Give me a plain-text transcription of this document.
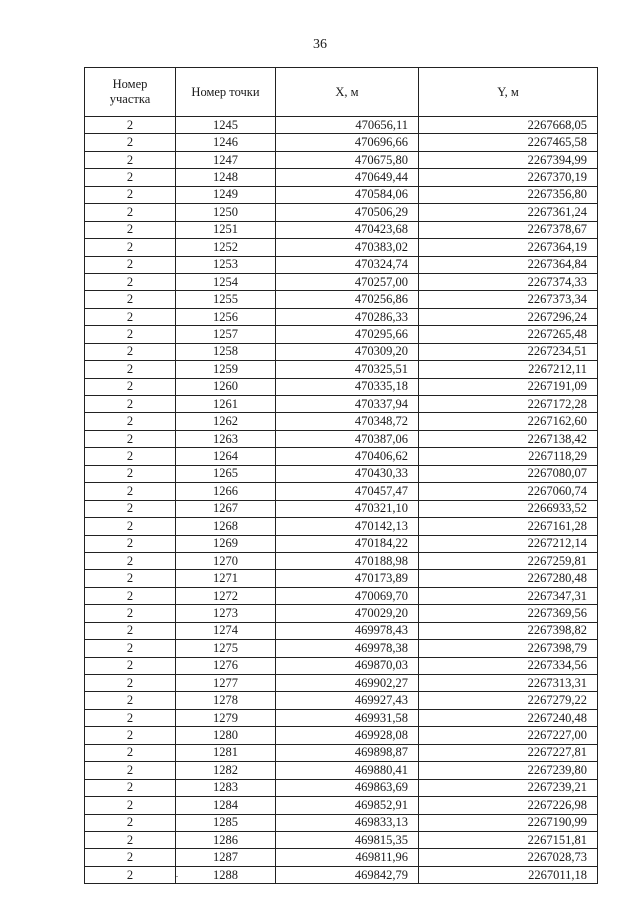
36
Номер
участка	Номер точки	X, м	Y, м
2	1245	470656,11	2267668,05
2	1246	470696,66	2267465,58
2	1247	470675,80	2267394,99
2	1248	470649,44	2267370,19
2	1249	470584,06	2267356,80
2	1250	470506,29	2267361,24
2	1251	470423,68	2267378,67
2	1252	470383,02	2267364,19
2	1253	470324,74	2267364,84
2	1254	470257,00	2267374,33
2	1255	470256,86	2267373,34
2	1256	470286,33	2267296,24
2	1257	470295,66	2267265,48
2	1258	470309,20	2267234,51
2	1259	470325,51	2267212,11
2	1260	470335,18	2267191,09
2	1261	470337,94	2267172,28
2	1262	470348,72	2267162,60
2	1263	470387,06	2267138,42
2	1264	470406,62	2267118,29
2	1265	470430,33	2267080,07
2	1266	470457,47	2267060,74
2	1267	470321,10	2266933,52
2	1268	470142,13	2267161,28
2	1269	470184,22	2267212,14
2	1270	470188,98	2267259,81
2	1271	470173,89	2267280,48
2	1272	470069,70	2267347,31
2	1273	470029,20	2267369,56
2	1274	469978,43	2267398,82
2	1275	469978,38	2267398,79
2	1276	469870,03	2267334,56
2	1277	469902,27	2267313,31
2	1278	469927,43	2267279,22
2	1279	469931,58	2267240,48
2	1280	469928,08	2267227,00
2	1281	469898,87	2267227,81
2	1282	469880,41	2267239,80
2	1283	469863,69	2267239,21
2	1284	469852,91	2267226,98
2	1285	469833,13	2267190,99
2	1286	469815,35	2267151,81
2	1287	469811,96	2267028,73
2	1288	469842,79	2267011,18
